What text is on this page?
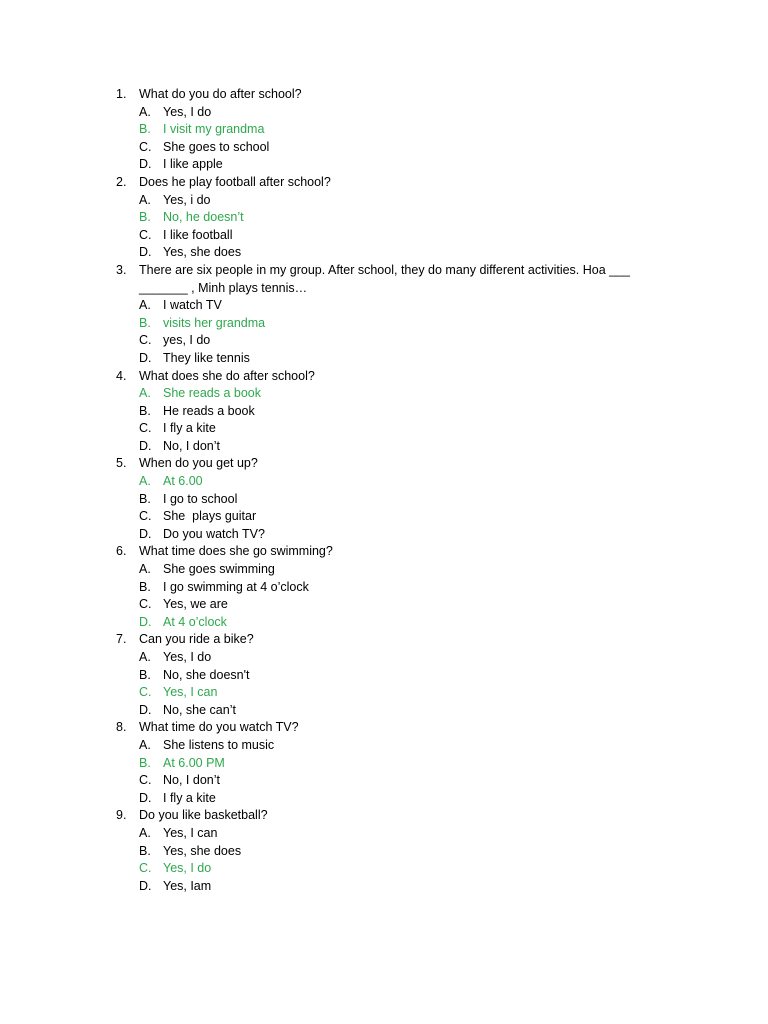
1. What do you do after school?
A. Yes, I do
B. I visit my grandma
C. She goes to school
D. I like apple
2. Does he play football after school?
A. Yes, i do
B. No, he doesn’t
C. I like football
D. Yes, she does
3. There are six people in my group. After school, they do many different activities. Hoa ___ _______ , Minh plays tennis…
A. I watch TV
B. visits her grandma
C. yes, I do
D. They like tennis
4. What does she do after school?
A. She reads a book
B. He reads a book
C. I fly a kite
D. No, I don’t
5. When do you get up?
A. At 6.00
B. I go to school
C. She  plays guitar
D. Do you watch TV?
6. What time does she go swimming?
A. She goes swimming
B. I go swimming at 4 o’clock
C. Yes, we are
D. At 4 o’clock
7. Can you ride a bike?
A. Yes, I do
B. No, she doesn't
C. Yes, I can
D. No, she can’t
8. What time do you watch TV?
A. She listens to music
B. At 6.00 PM
C. No, I don’t
D. I fly a kite
9. Do you like basketball?
A. Yes, I can
B. Yes, she does
C. Yes, I do
D. Yes, Iam
